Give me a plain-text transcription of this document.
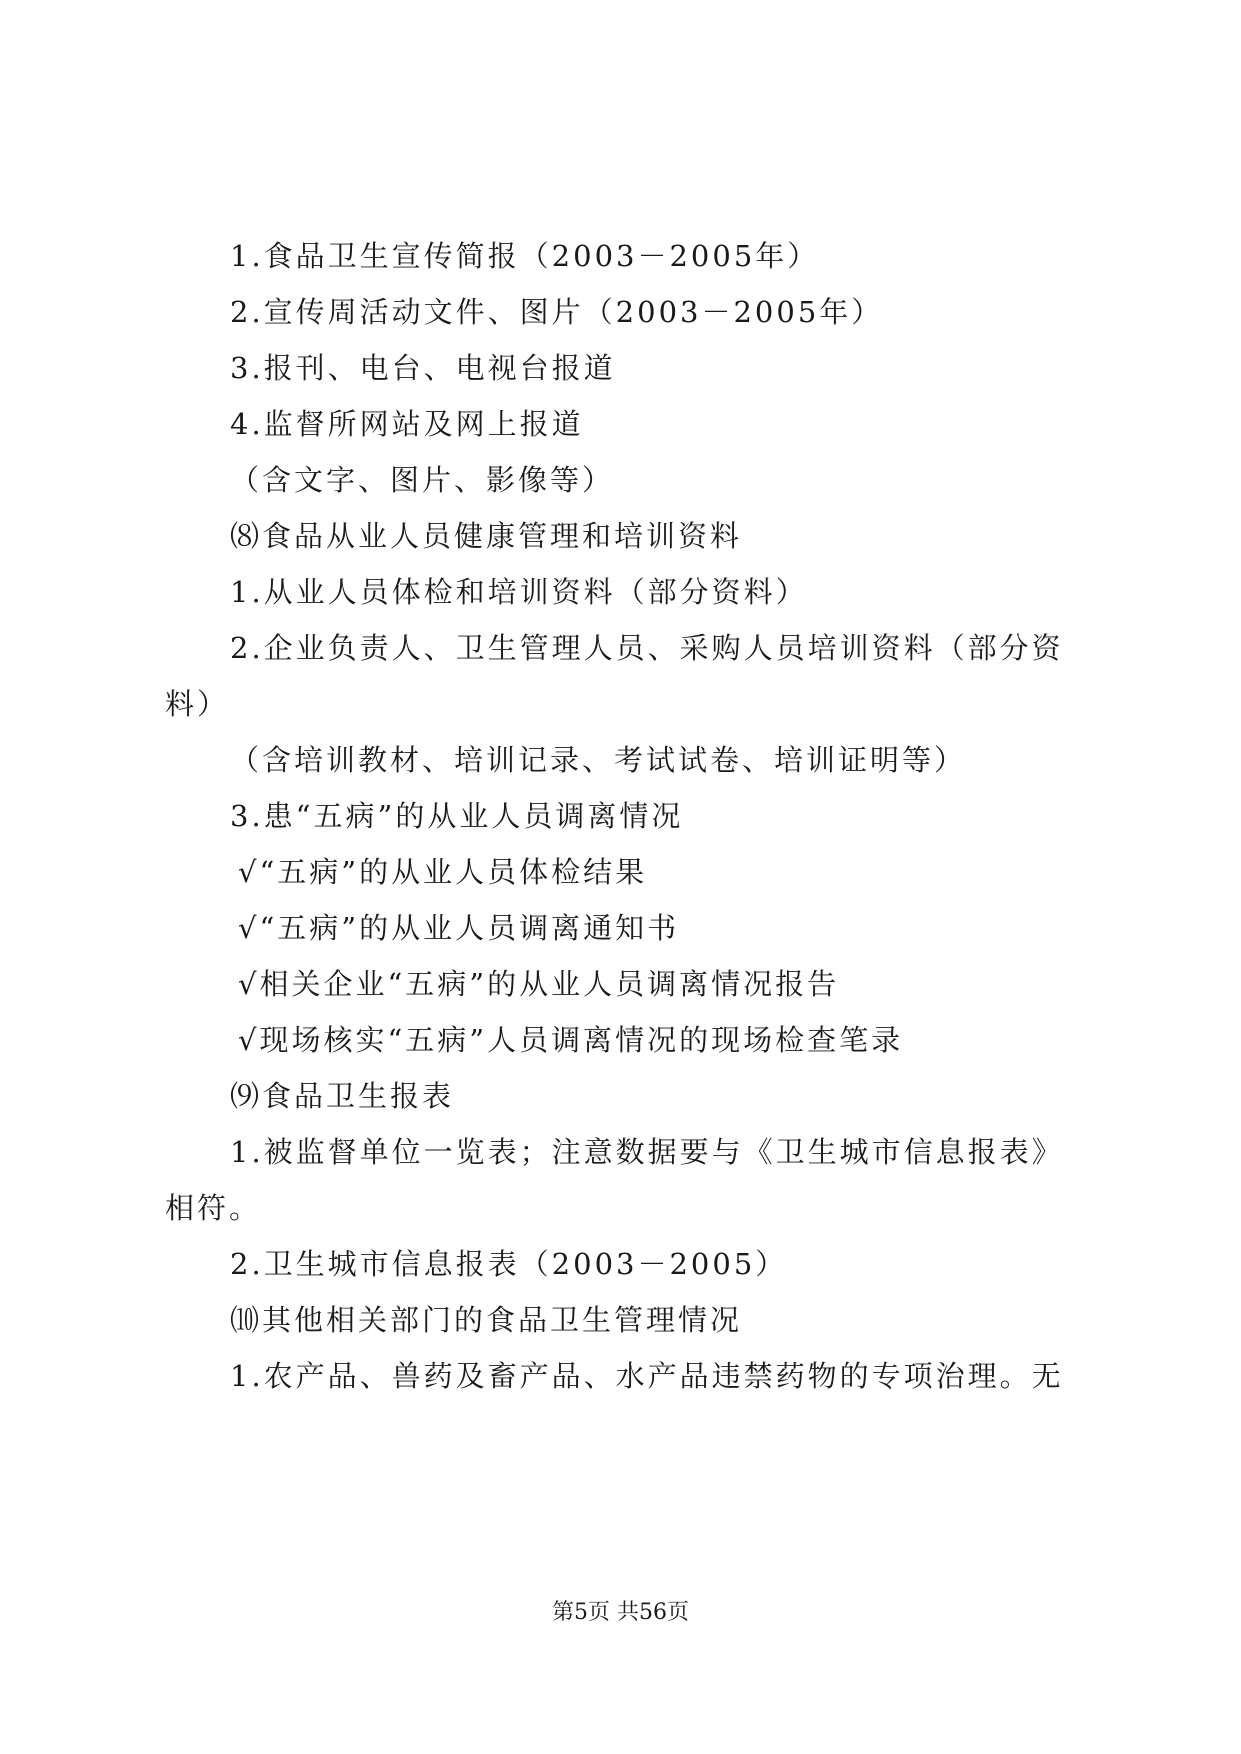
1.食品卫生宣传简报（2003－2005年）
2.宣传周活动文件、图片（2003－2005年）
3.报刊、电台、电视台报道
4.监督所网站及网上报道
（含文字、图片、影像等）
⑻食品从业人员健康管理和培训资料
1.从业人员体检和培训资料（部分资料）
2.企业负责人、卫生管理人员、采购人员培训资料（部分资
料）
（含培训教材、培训记录、考试试卷、培训证明等）
3.患“五病”的从业人员调离情况
√“五病”的从业人员体检结果
√“五病”的从业人员调离通知书
√相关企业“五病”的从业人员调离情况报告
√现场核实“五病”人员调离情况的现场检查笔录
⑼食品卫生报表
1.被监督单位一览表；注意数据要与《卫生城市信息报表》
相符。
2.卫生城市信息报表（2003－2005）
⑽其他相关部门的食品卫生管理情况
1.农产品、兽药及畜产品、水产品违禁药物的专项治理。无
第5页 共56页
